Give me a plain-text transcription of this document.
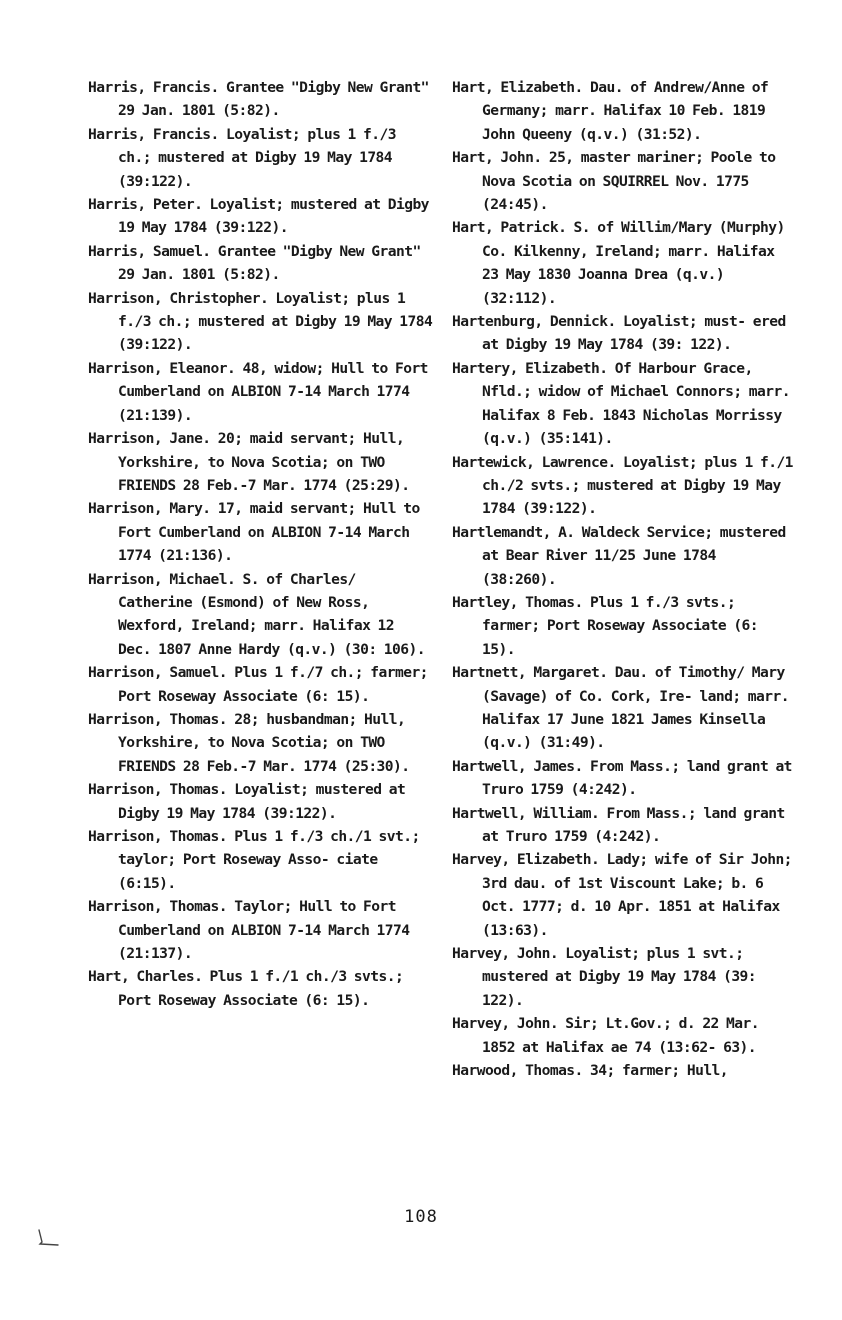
Harris, Francis. Grantee "Digby New Grant" 29 Jan. 1801 (5:82).

Harris, Francis. Loyalist; plus 1 f./3 ch.; mustered at Digby 19 May 1784 (39:122).

Harris, Peter. Loyalist; mustered at Digby 19 May 1784 (39:122).

Harris, Samuel. Grantee "Digby New Grant" 29 Jan. 1801 (5:82).

Harrison, Christopher. Loyalist; plus 1 f./3 ch.; mustered at Digby 19 May 1784 (39:122).

Harrison, Eleanor. 48, widow; Hull to Fort Cumberland on ALBION 7-14 March 1774 (21:139).

Harrison, Jane. 20; maid servant; Hull, Yorkshire, to Nova Scotia; on TWO FRIENDS 28 Feb.-7 Mar. 1774 (25:29).

Harrison, Mary. 17, maid servant; Hull to Fort Cumberland on ALBION 7-14 March 1774 (21:136).

Harrison, Michael. S. of Charles/ Catherine (Esmond) of New Ross, Wexford, Ireland; marr. Halifax 12 Dec. 1807 Anne Hardy (q.v.) (30: 106).

Harrison, Samuel. Plus 1 f./7 ch.; farmer; Port Roseway Associate (6: 15).

Harrison, Thomas. 28; husbandman; Hull, Yorkshire, to Nova Scotia; on TWO FRIENDS 28 Feb.-7 Mar. 1774 (25:30).

Harrison, Thomas. Loyalist; mustered at Digby 19 May 1784 (39:122).

Harrison, Thomas. Plus 1 f./3 ch./1 svt.; taylor; Port Roseway Asso- ciate (6:15).

Harrison, Thomas. Taylor; Hull to Fort Cumberland on ALBION 7-14 March 1774 (21:137).

Hart, Charles. Plus 1 f./1 ch./3 svts.; Port Roseway Associate (6: 15).

Hart, Elizabeth. Dau. of Andrew/Anne of Germany; marr. Halifax 10 Feb. 1819 John Queeny (q.v.) (31:52).

Hart, John. 25, master mariner; Poole to Nova Scotia on SQUIRREL Nov. 1775 (24:45).

Hart, Patrick. S. of Willim/Mary (Murphy) Co. Kilkenny, Ireland; marr. Halifax 23 May 1830 Joanna Drea (q.v.) (32:112).

Hartenburg, Dennick. Loyalist; must- ered at Digby 19 May 1784 (39: 122).

Hartery, Elizabeth. Of Harbour Grace, Nfld.; widow of Michael Connors; marr. Halifax 8 Feb. 1843 Nicholas Morrissy (q.v.) (35:141).

Hartewick, Lawrence. Loyalist; plus 1 f./1 ch./2 svts.; mustered at Digby 19 May 1784 (39:122).

Hartlemandt, A. Waldeck Service; mustered at Bear River 11/25 June 1784 (38:260).

Hartley, Thomas. Plus 1 f./3 svts.; farmer; Port Roseway Associate (6: 15).

Hartnett, Margaret. Dau. of Timothy/ Mary (Savage) of Co. Cork, Ire- land; marr. Halifax 17 June 1821 James Kinsella (q.v.) (31:49).

Hartwell, James. From Mass.; land grant at Truro 1759 (4:242).

Hartwell, William. From Mass.; land grant at Truro 1759 (4:242).

Harvey, Elizabeth. Lady; wife of Sir John; 3rd dau. of 1st Viscount Lake; b. 6 Oct. 1777; d. 10 Apr. 1851 at Halifax (13:63).

Harvey, John. Loyalist; plus 1 svt.; mustered at Digby 19 May 1784 (39: 122).

Harvey, John. Sir; Lt.Gov.; d. 22 Mar. 1852 at Halifax ae 74 (13:62- 63).

Harwood, Thomas. 34; farmer; Hull,

108
